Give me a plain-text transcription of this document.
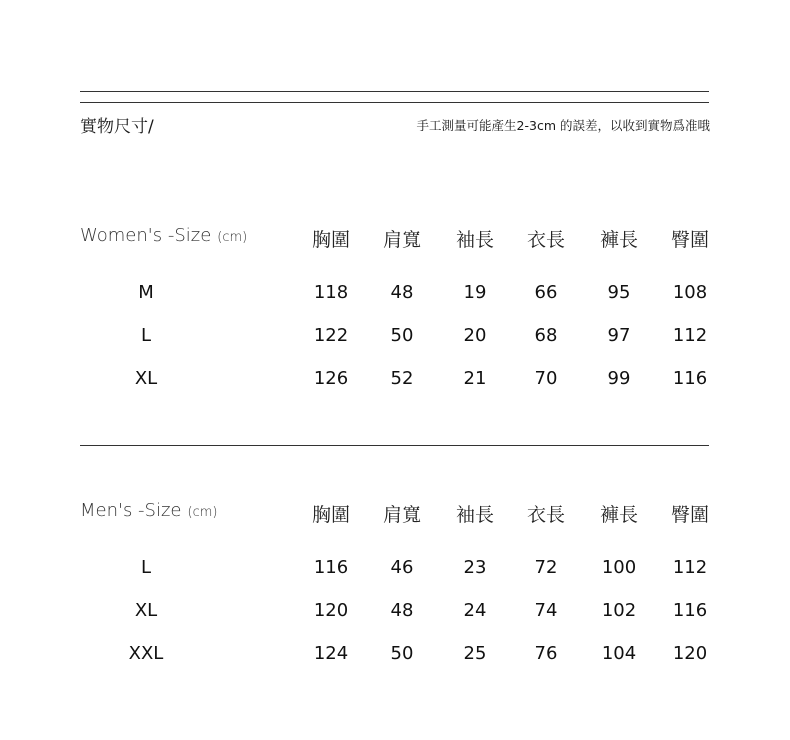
實物尺寸/	手工測量可能產生2-3cm 的誤差，以收到實物爲准哦
Women's -Size (cm)	胸圍	肩寬	袖長	衣長	褲長	臀圍
M	118	48	19	66	95	108
L	122	50	20	68	97	112
XL	126	52	21	70	99	116
Men's -Size (cm)	胸圍	肩寬	袖長	衣長	褲長	臀圍
L	116	46	23	72	100	112
XL	120	48	24	74	102	116
XXL	124	50	25	76	104	120
